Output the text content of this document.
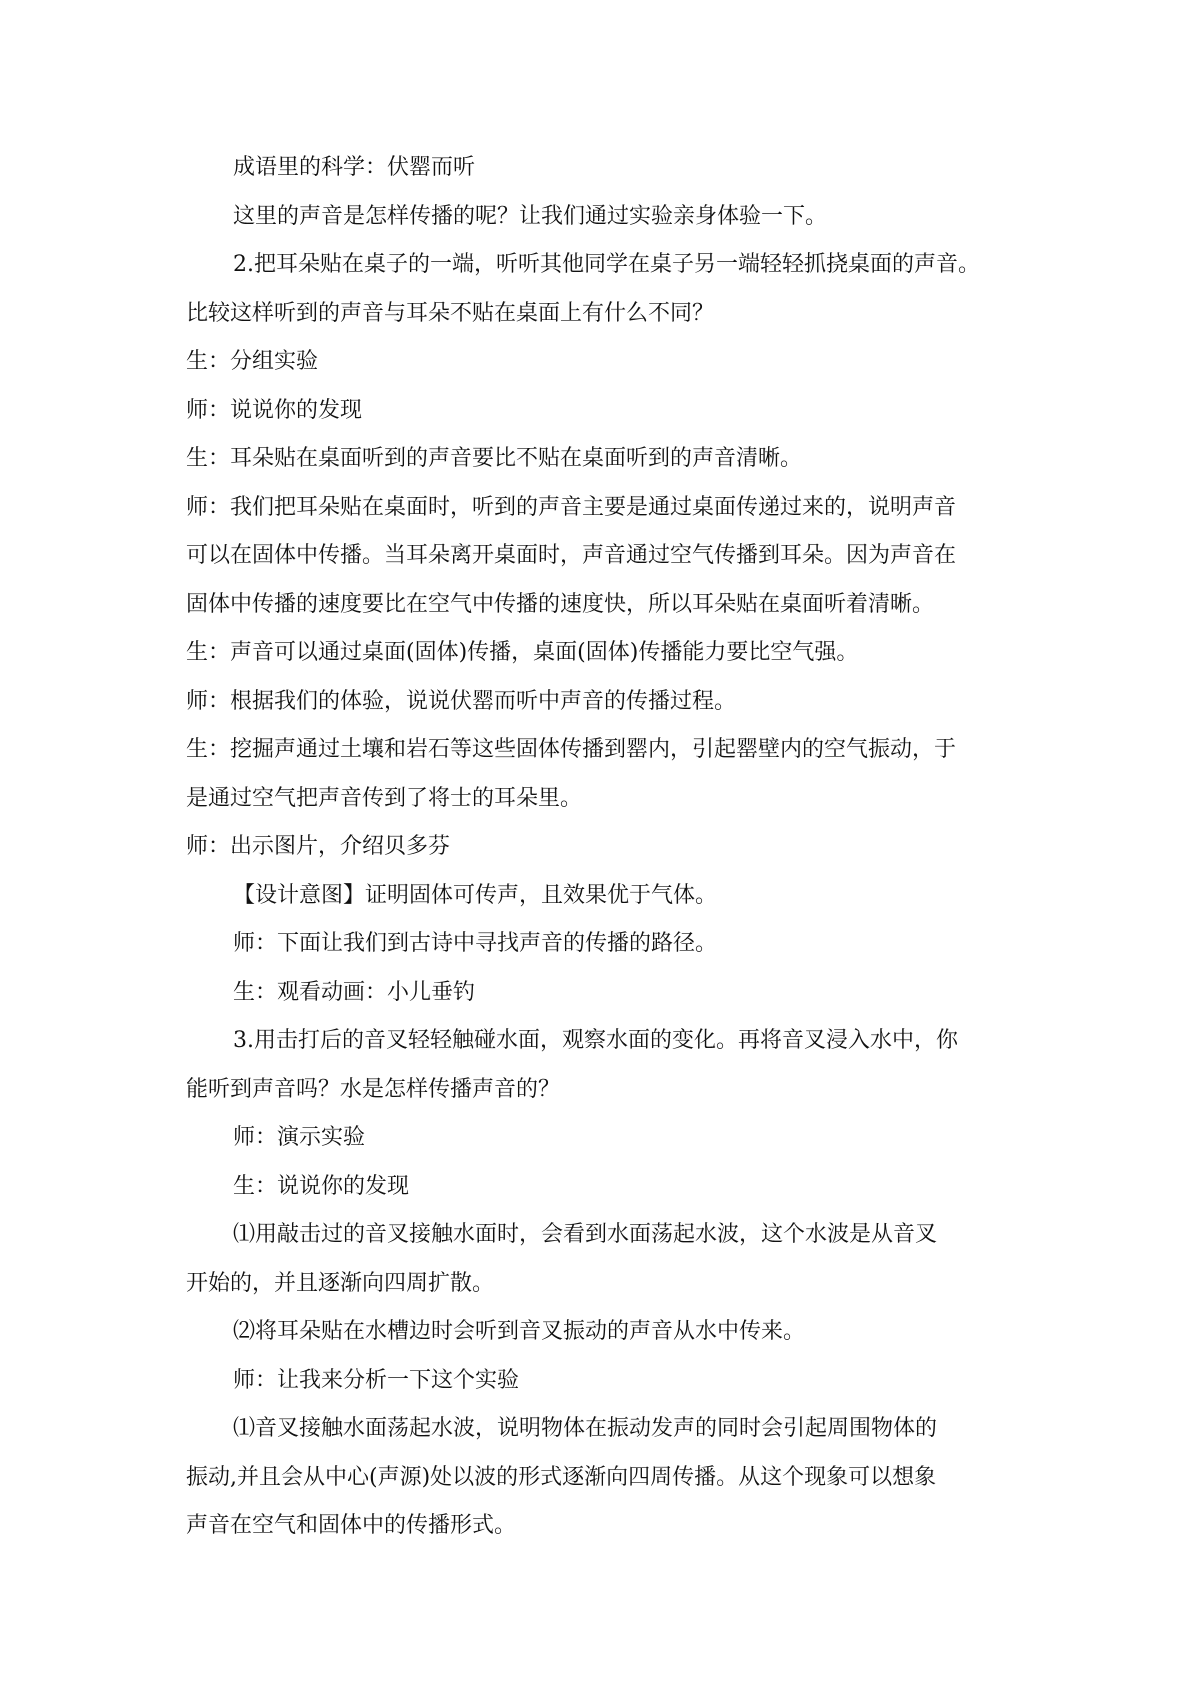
成语里的科学：伏罂而听
这里的声音是怎样传播的呢？让我们通过实验亲身体验一下。
2.把耳朵贴在桌子的一端，听听其他同学在桌子另一端轻轻抓挠桌面的声音。
比较这样听到的声音与耳朵不贴在桌面上有什么不同？
生：分组实验
师：说说你的发现
生：耳朵贴在桌面听到的声音要比不贴在桌面听到的声音清晰。
师：我们把耳朵贴在桌面时，听到的声音主要是通过桌面传递过来的，说明声音
可以在固体中传播。当耳朵离开桌面时，声音通过空气传播到耳朵。因为声音在
固体中传播的速度要比在空气中传播的速度快，所以耳朵贴在桌面听着清晰。
生：声音可以通过桌面(固体)传播，桌面(固体)传播能力要比空气强。
师：根据我们的体验，说说伏罂而听中声音的传播过程。
生：挖掘声通过土壤和岩石等这些固体传播到罂内，引起罂壁内的空气振动，于
是通过空气把声音传到了将士的耳朵里。
师：出示图片，介绍贝多芬
【设计意图】证明固体可传声，且效果优于气体。
师：下面让我们到古诗中寻找声音的传播的路径。
生：观看动画：小儿垂钓
3.用击打后的音叉轻轻触碰水面，观察水面的变化。再将音叉浸入水中，你
能听到声音吗？水是怎样传播声音的？
师：演示实验
生：说说你的发现
⑴用敲击过的音叉接触水面时，会看到水面荡起水波，这个水波是从音叉
开始的，并且逐渐向四周扩散。
⑵将耳朵贴在水槽边时会听到音叉振动的声音从水中传来。
师：让我来分析一下这个实验
⑴音叉接触水面荡起水波，说明物体在振动发声的同时会引起周围物体的
振动,并且会从中心(声源)处以波的形式逐渐向四周传播。从这个现象可以想象
声音在空气和固体中的传播形式。
